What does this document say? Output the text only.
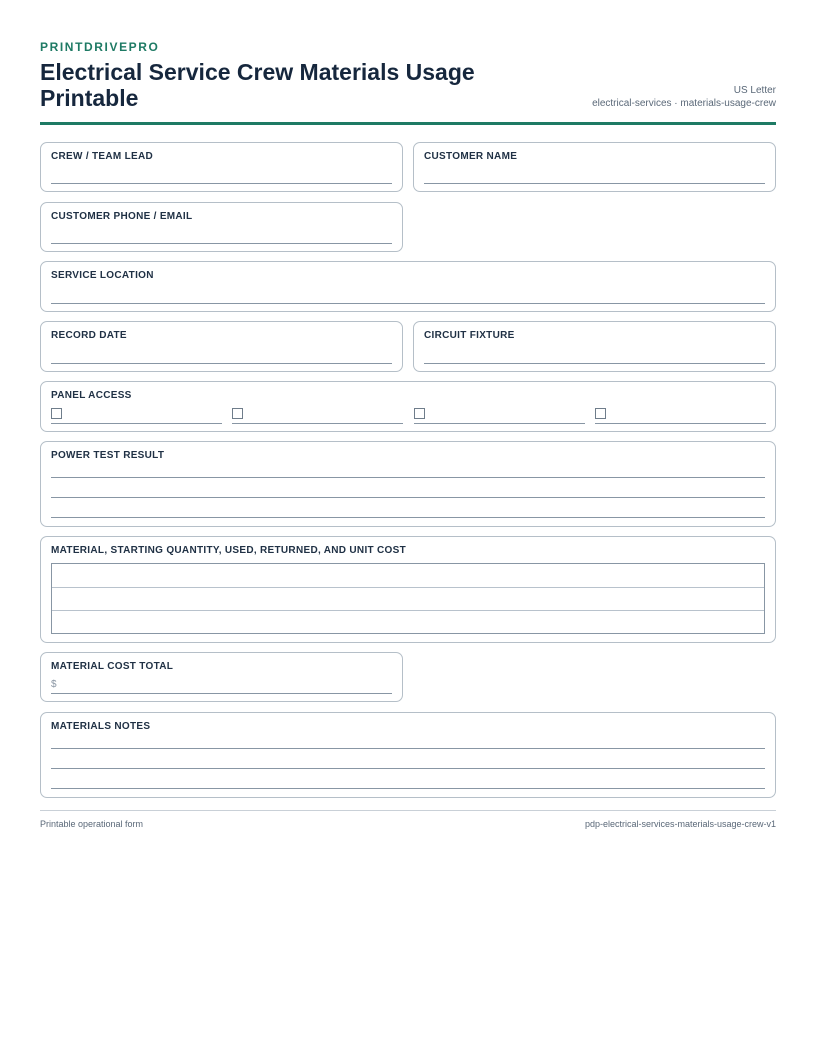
PRINTDRIVEPRO
Electrical Service Crew Materials Usage Printable	US Letter
electrical-services · materials-usage-crew
CREW / TEAM LEAD	CUSTOMER NAME
CUSTOMER PHONE / EMAIL
SERVICE LOCATION
RECORD DATE	CIRCUIT FIXTURE
PANEL ACCESS
POWER TEST RESULT
MATERIAL, STARTING QUANTITY, USED, RETURNED, AND UNIT COST
MATERIAL COST TOTAL
$
MATERIALS NOTES
Printable operational form	pdp-electrical-services-materials-usage-crew-v1
